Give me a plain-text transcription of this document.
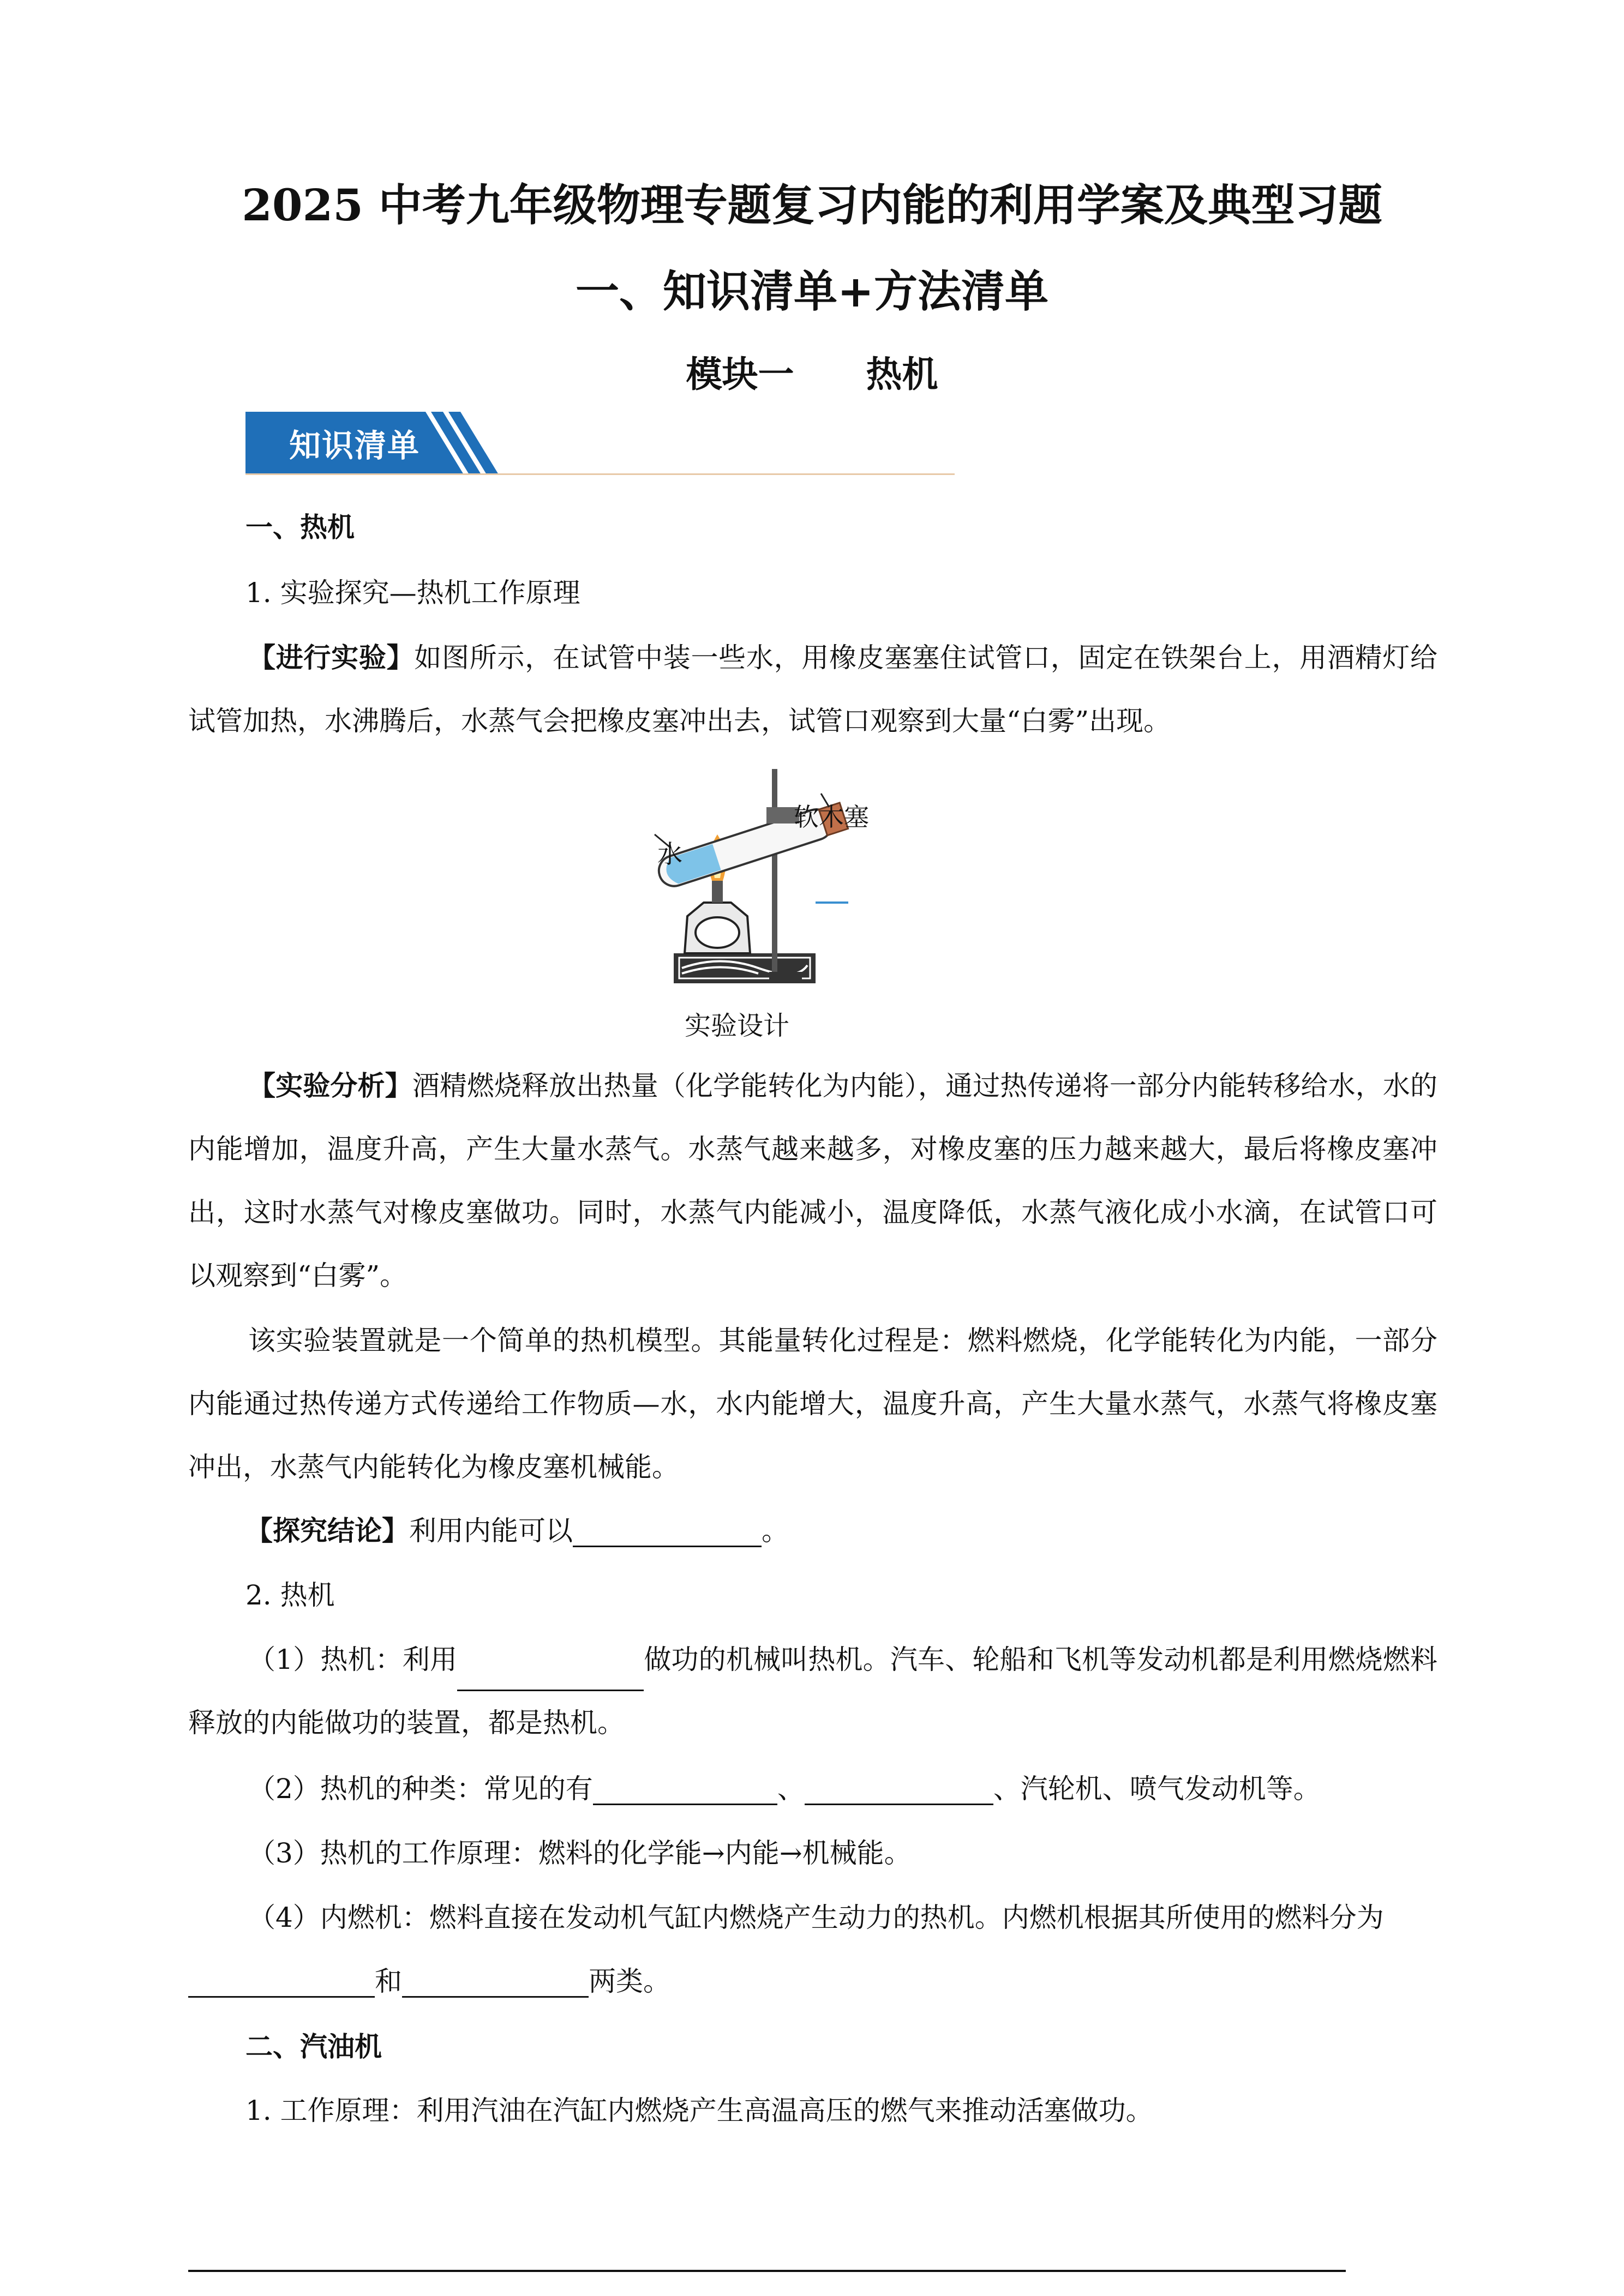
2025 中考九年级物理专题复习内能的利用学案及典型习题
一、知识清单+方法清单
模块一　　热机
知识清单
一、热机
1. 实验探究—热机工作原理
【进行实验】如图所示，在试管中装一些水，用橡皮塞塞住试管口，固定在铁架台上，用酒精灯给试管加热，水沸腾后，水蒸气会把橡皮塞冲出去，试管口观察到大量“白雾”出现。
软木塞
水
实验设计
【实验分析】酒精燃烧释放出热量（化学能转化为内能），通过热传递将一部分内能转移给水，水的内能增加，温度升高，产生大量水蒸气。水蒸气越来越多，对橡皮塞的压力越来越大，最后将橡皮塞冲出，这时水蒸气对橡皮塞做功。同时，水蒸气内能减小，温度降低，水蒸气液化成小水滴，在试管口可以观察到“白雾”。
该实验装置就是一个简单的热机模型。其能量转化过程是：燃料燃烧，化学能转化为内能，一部分内能通过热传递方式传递给工作物质—水，水内能增大，温度升高，产生大量水蒸气，水蒸气将橡皮塞冲出，水蒸气内能转化为橡皮塞机械能。
【探究结论】利用内能可以	。
2. 热机
（1）热机：利用	做功的机械叫热机。汽车、轮船和飞机等发动机都是利用燃烧燃料释放的内能做功的装置，都是热机。
（2）热机的种类：常见的有	、	、汽轮机、喷气发动机等。
（3）热机的工作原理：燃料的化学能→内能→机械能。
（4）内燃机：燃料直接在发动机气缸内燃烧产生动力的热机。内燃机根据其所使用的燃料分为
和	两类。
二、汽油机
1. 工作原理：利用汽油在汽缸内燃烧产生高温高压的燃气来推动活塞做功。
